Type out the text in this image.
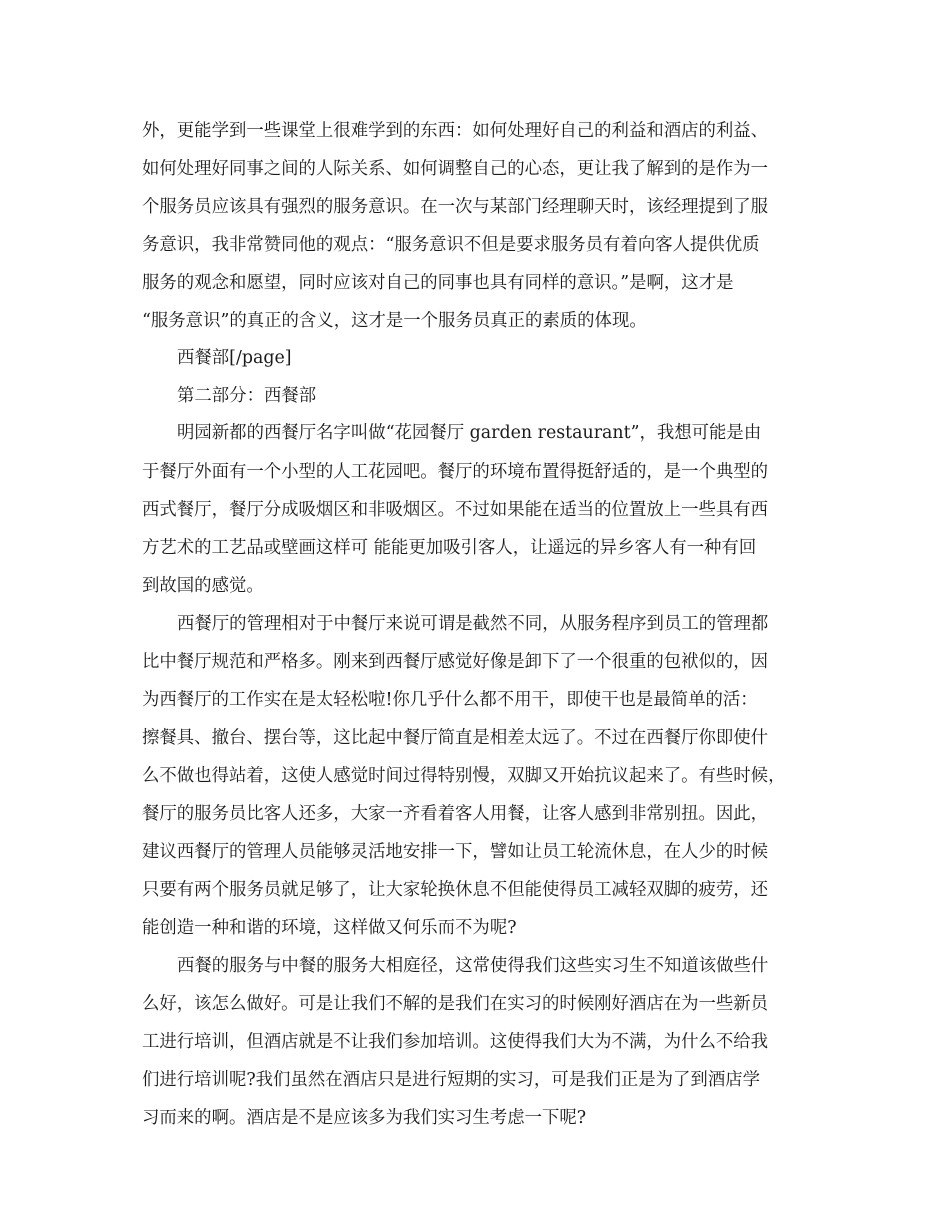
外，更能学到一些课堂上很难学到的东西：如何处理好自己的利益和酒店的利益、
如何处理好同事之间的人际关系、如何调整自己的心态，更让我了解到的是作为一
个服务员应该具有强烈的服务意识。在一次与某部门经理聊天时，该经理提到了服
务意识，我非常赞同他的观点：“服务意识不但是要求服务员有着向客人提供优质
服务的观念和愿望，同时应该对自己的同事也具有同样的意识。”是啊，这才是
“服务意识”的真正的含义，这才是一个服务员真正的素质的体现。
西餐部[/page]
第二部分：西餐部
明园新都的西餐厅名字叫做“花园餐厅 garden restaurant”，我想可能是由
于餐厅外面有一个小型的人工花园吧。餐厅的环境布置得挺舒适的，是一个典型的
西式餐厅，餐厅分成吸烟区和非吸烟区。不过如果能在适当的位置放上一些具有西
方艺术的工艺品或壁画这样可 能能更加吸引客人，让遥远的异乡客人有一种有回
到故国的感觉。
西餐厅的管理相对于中餐厅来说可谓是截然不同，从服务程序到员工的管理都
比中餐厅规范和严格多。刚来到西餐厅感觉好像是卸下了一个很重的包袱似的，因
为西餐厅的工作实在是太轻松啦!你几乎什么都不用干，即使干也是最简单的活：
擦餐具、撤台、摆台等，这比起中餐厅简直是相差太远了。不过在西餐厅你即使什
么不做也得站着，这使人感觉时间过得特别慢，双脚又开始抗议起来了。有些时候，
餐厅的服务员比客人还多，大家一齐看着客人用餐，让客人感到非常别扭。因此，
建议西餐厅的管理人员能够灵活地安排一下，譬如让员工轮流休息，在人少的时候
只要有两个服务员就足够了，让大家轮换休息不但能使得员工减轻双脚的疲劳，还
能创造一种和谐的环境，这样做又何乐而不为呢?
西餐的服务与中餐的服务大相庭径，这常使得我们这些实习生不知道该做些什
么好，该怎么做好。可是让我们不解的是我们在实习的时候刚好酒店在为一些新员
工进行培训，但酒店就是不让我们参加培训。这使得我们大为不满，为什么不给我
们进行培训呢?我们虽然在酒店只是进行短期的实习，可是我们正是为了到酒店学
习而来的啊。酒店是不是应该多为我们实习生考虑一下呢?
